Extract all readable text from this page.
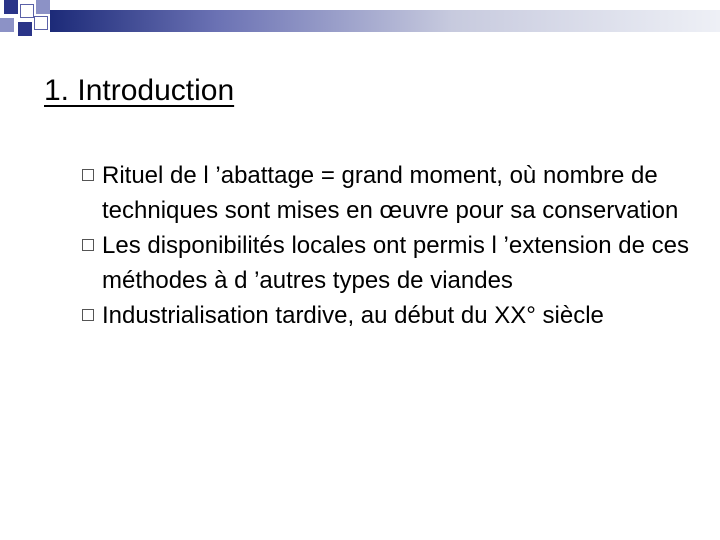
1. Introduction
Rituel de l ’abattage = grand moment, où nombre de techniques sont mises en œuvre pour sa conservation
Les disponibilités locales ont permis l ’extension de ces méthodes à d ’autres types de viandes
Industrialisation tardive, au début du XX° siècle
